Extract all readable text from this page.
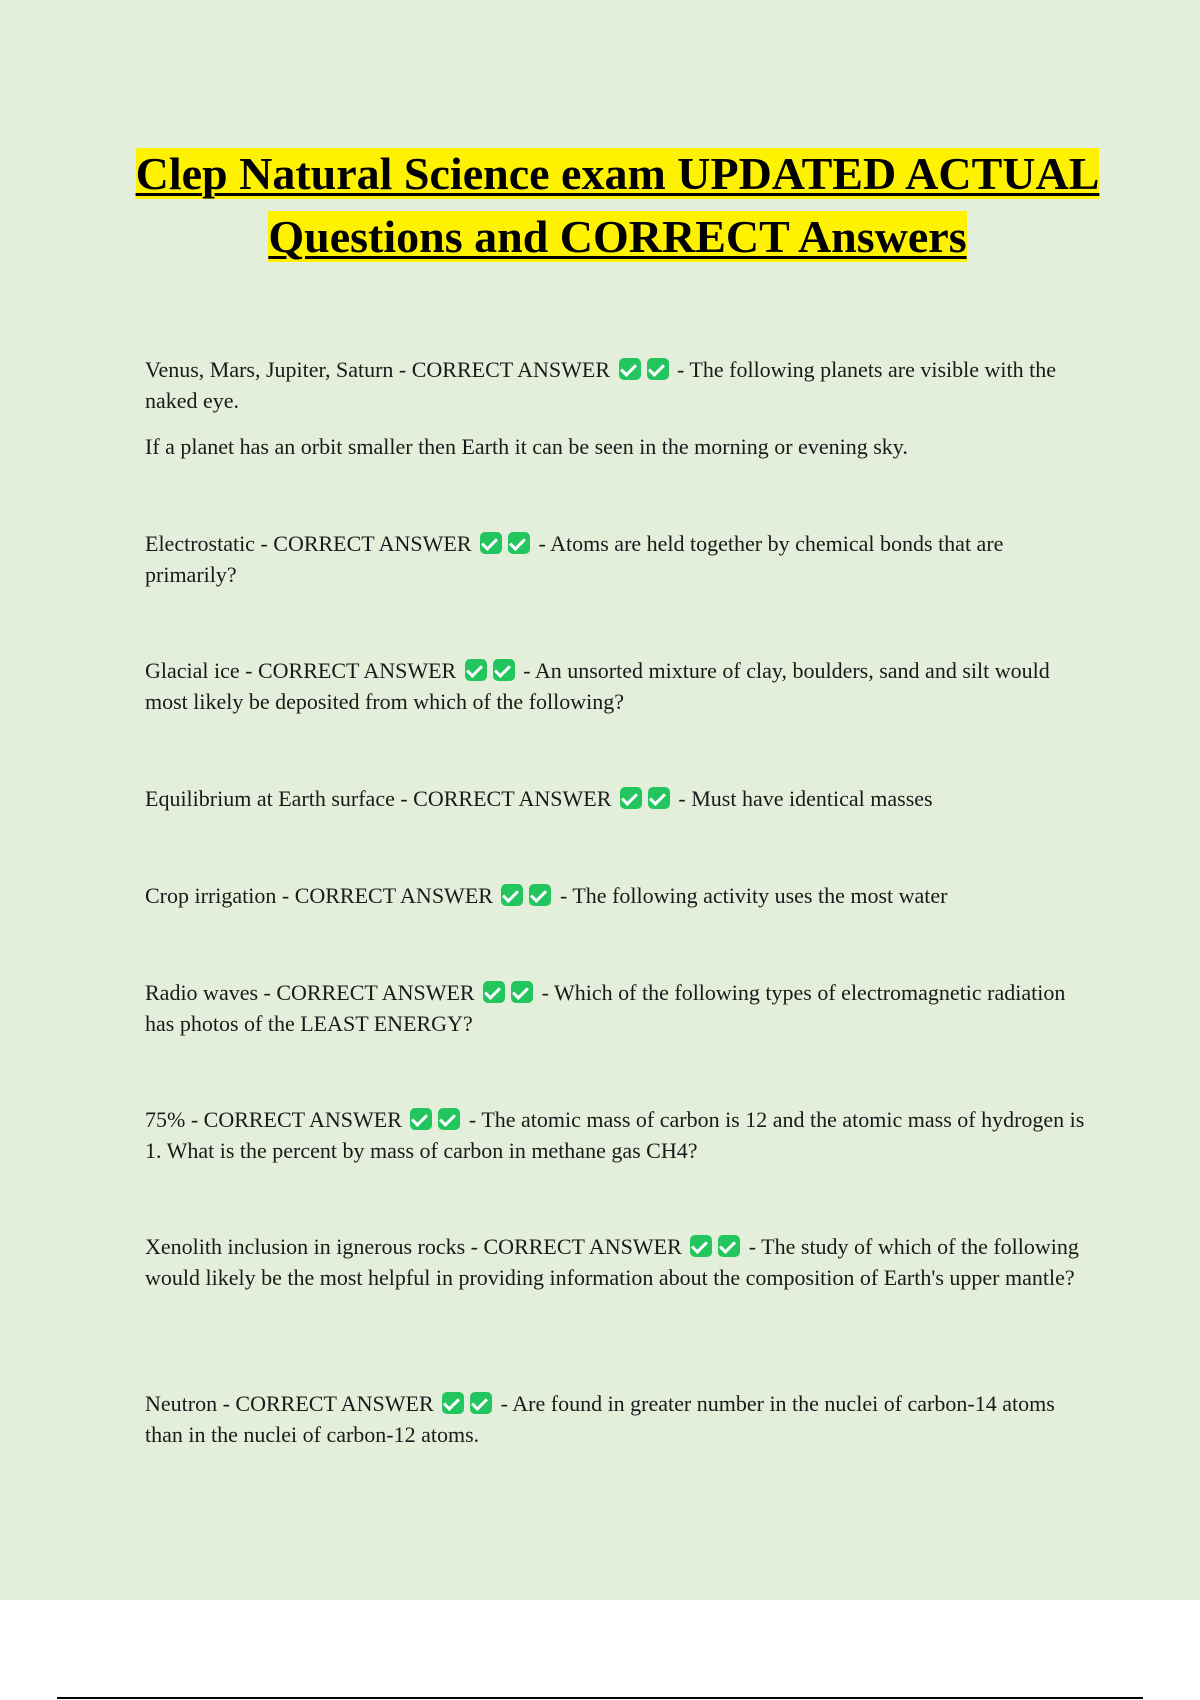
Clep Natural Science exam UPDATED ACTUAL Questions and CORRECT Answers

Venus, Mars, Jupiter, Saturn - CORRECT ANSWER	- The following planets are visible with the naked eye.

If a planet has an orbit smaller then Earth it can be seen in the morning or evening sky.

Electrostatic - CORRECT ANSWER	- Atoms are held together by chemical bonds that are primarily?

Glacial ice - CORRECT ANSWER	- An unsorted mixture of clay, boulders, sand and silt would most likely be deposited from which of the following?

Equilibrium at Earth surface - CORRECT ANSWER	- Must have identical masses

Crop irrigation - CORRECT ANSWER	- The following activity uses the most water

Radio waves - CORRECT ANSWER	- Which of the following types of electromagnetic radiation has photos of the LEAST ENERGY?

75% - CORRECT ANSWER	- The atomic mass of carbon is 12 and the atomic mass of hydrogen is 1. What is the percent by mass of carbon in methane gas CH4?

Xenolith inclusion in ignerous rocks - CORRECT ANSWER	- The study of which of the following would likely be the most helpful in providing information about the composition of Earth's upper mantle?

Neutron - CORRECT ANSWER	- Are found in greater number in the nuclei of carbon-14 atoms than in the nuclei of carbon-12 atoms.
